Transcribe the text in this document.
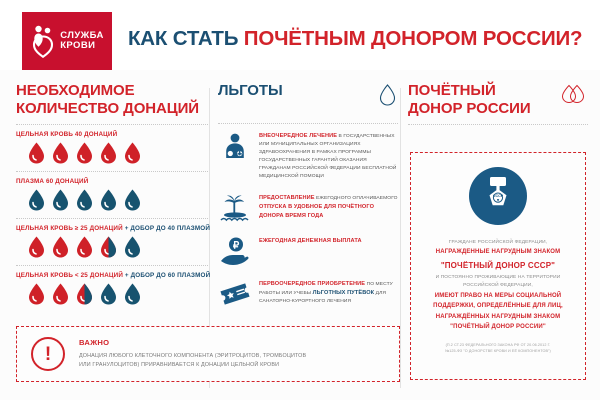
СЛУЖБА
КРОВИ	КАК СТАТЬ ПОЧЁТНЫМ ДОНОРОМ РОССИИ?
НЕОБХОДИМОЕ
КОЛИЧЕСТВО ДОНАЦИЙ
ЦЕЛЬНАЯ КРОВЬ 40 ДОНАЦИЙ
ПЛАЗМА 60 ДОНАЦИЙ
ЦЕЛЬНАЯ КРОВЬ ≥ 25 ДОНАЦИЙ + ДОБОР ДО 40 ПЛАЗМОЙ
ЦЕЛЬНАЯ КРОВЬ < 25 ДОНАЦИЙ + ДОБОР ДО 60 ПЛАЗМОЙ
ЛЬГОТЫ
ВНЕОЧЕРЕДНОЕ ЛЕЧЕНИЕ В ГОСУДАРСТВЕННЫХ ИЛИ МУНИЦИПАЛЬНЫХ ОРГАНИЗАЦИЯХ ЗДРАВООХРАНЕНИЯ В РАМКАХ ПРОГРАММЫ ГОСУДАРСТВЕННЫХ ГАРАНТИЙ ОКАЗАНИЯ ГРАЖДАНАМ РОССИЙСКОЙ ФЕДЕРАЦИИ БЕСПЛАТНОЙ МЕДИЦИНСКОЙ ПОМОЩИ
ПРЕДОСТАВЛЕНИЕ ЕЖЕГОДНОГО ОПЛАЧИВАЕМОГО ОТПУСКА В УДОБНОЕ ДЛЯ ПОЧЁТНОГО ДОНОРА ВРЕМЯ ГОДА
₽	ЕЖЕГОДНАЯ ДЕНЕЖНАЯ ВЫПЛАТА
ПЕРВООЧЕРЕДНОЕ ПРИОБРЕТЕНИЕ ПО МЕСТУ РАБОТЫ ИЛИ УЧЕБЫ ЛЬГОТНЫХ ПУТЁВОК ДЛЯ САНАТОРНО-КУРОРТНОГО ЛЕЧЕНИЯ
ПОЧЁТНЫЙ
ДОНОР РОССИИ
СССР
♥
ГРАЖДАНЕ РОССИЙСКОЙ ФЕДЕРАЦИИ,
НАГРАЖДЕННЫЕ НАГРУДНЫМ ЗНАКОМ
"ПОЧЁТНЫЙ ДОНОР СССР"
И ПОСТОЯННО ПРОЖИВАЮЩИЕ НА ТЕРРИТОРИИ
РОССИЙСКОЙ ФЕДЕРАЦИИ,
ИМЕЮТ ПРАВО НА МЕРЫ СОЦИАЛЬНОЙ
ПОДДЕРЖКИ, ОПРЕДЕЛЁННЫЕ ДЛЯ ЛИЦ,
НАГРАЖДЁННЫХ НАГРУДНЫМ ЗНАКОМ
"ПОЧЁТНЫЙ ДОНОР РОССИИ"
(П.2 СТ.23 ФЕДЕРАЛЬНОГО ЗАКОНА РФ ОТ 20.06.2012 Г.
№125-ФЗ "О ДОНОРСТВЕ КРОВИ И ЕЁ КОМПОНЕНТОВ")
!
ВАЖНО
ДОНАЦИЯ ЛЮБОГО КЛЕТОЧНОГО КОМПОНЕНТА (ЭРИТРОЦИТОВ, ТРОМБОЦИТОВ
ИЛИ ГРАНУЛОЦИТОВ) ПРИРАВНИВАЕТСЯ К ДОНАЦИИ ЦЕЛЬНОЙ КРОВИ
